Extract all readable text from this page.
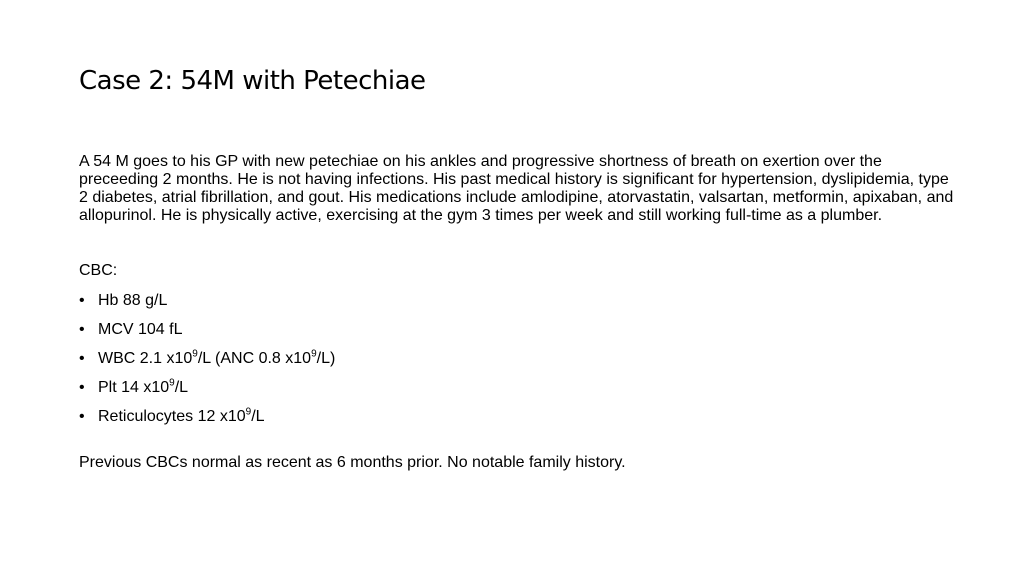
Case 2: 54M with Petechiae

A 54 M goes to his GP with new petechiae on his ankles and progressive shortness of breath on exertion over the preceeding 2 months. He is not having infections. His past medical history is significant for hypertension, dyslipidemia, type 2 diabetes, atrial fibrillation, and gout. His medications include amlodipine, atorvastatin, valsartan, metformin, apixaban, and allopurinol. He is physically active, exercising at the gym 3 times per week and still working full-time as a plumber.

CBC:

• Hb 88 g/L
• MCV 104 fL
• WBC 2.1 $x10^9/L$ (ANC 0.8 $x10^9/L$)
• Plt 14 $x10^9/L$
• Reticulocytes 12 $x10^9/L$

Previous CBCs normal as recent as 6 months prior. No notable family history.
